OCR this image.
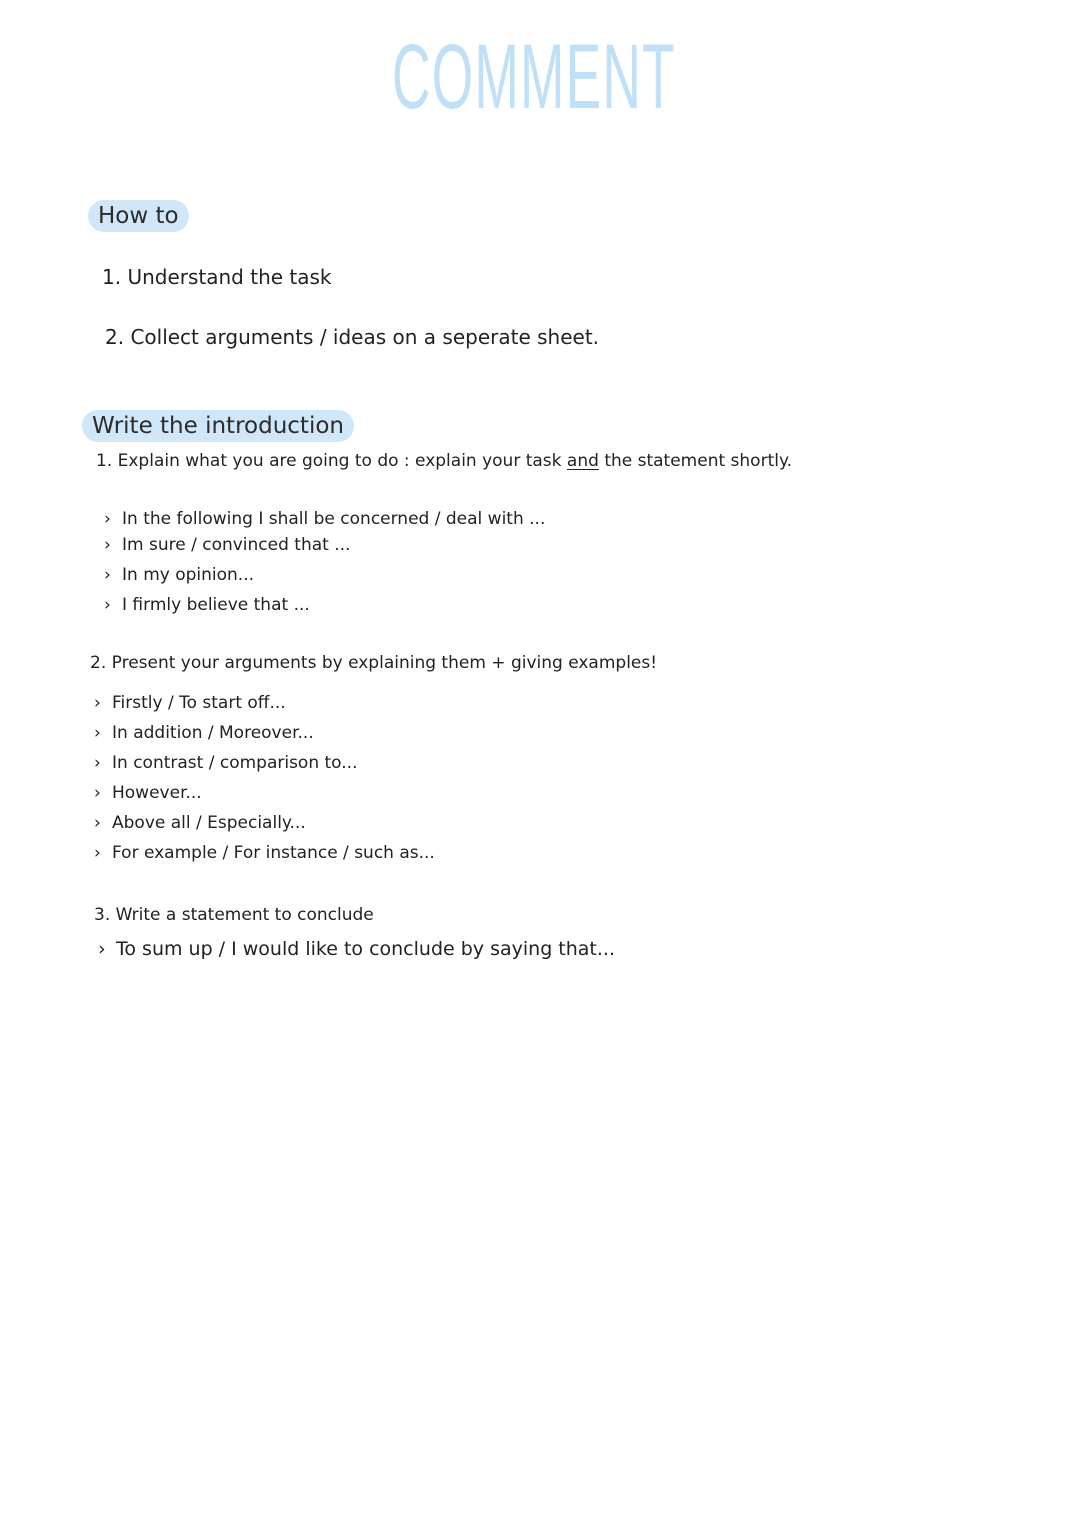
COMMENT
How to
1. Understand the task
2. Collect arguments / ideas on a seperate sheet.
Write the introduction
1. Explain what you are going to do : explain your task and the statement shortly.
› In the following I shall be concerned / deal with ...
› Im sure / convinced that ...
› In my opinion...
› I firmly believe that ...
2. Present your arguments by explaining them + giving examples!
› Firstly / To start off...
› In addition / Moreover...
› In contrast / comparison to...
› However...
› Above all / Especially...
› For example / For instance / such as...
3. Write a statement to conclude
› To sum up / I would like to conclude by saying that...
